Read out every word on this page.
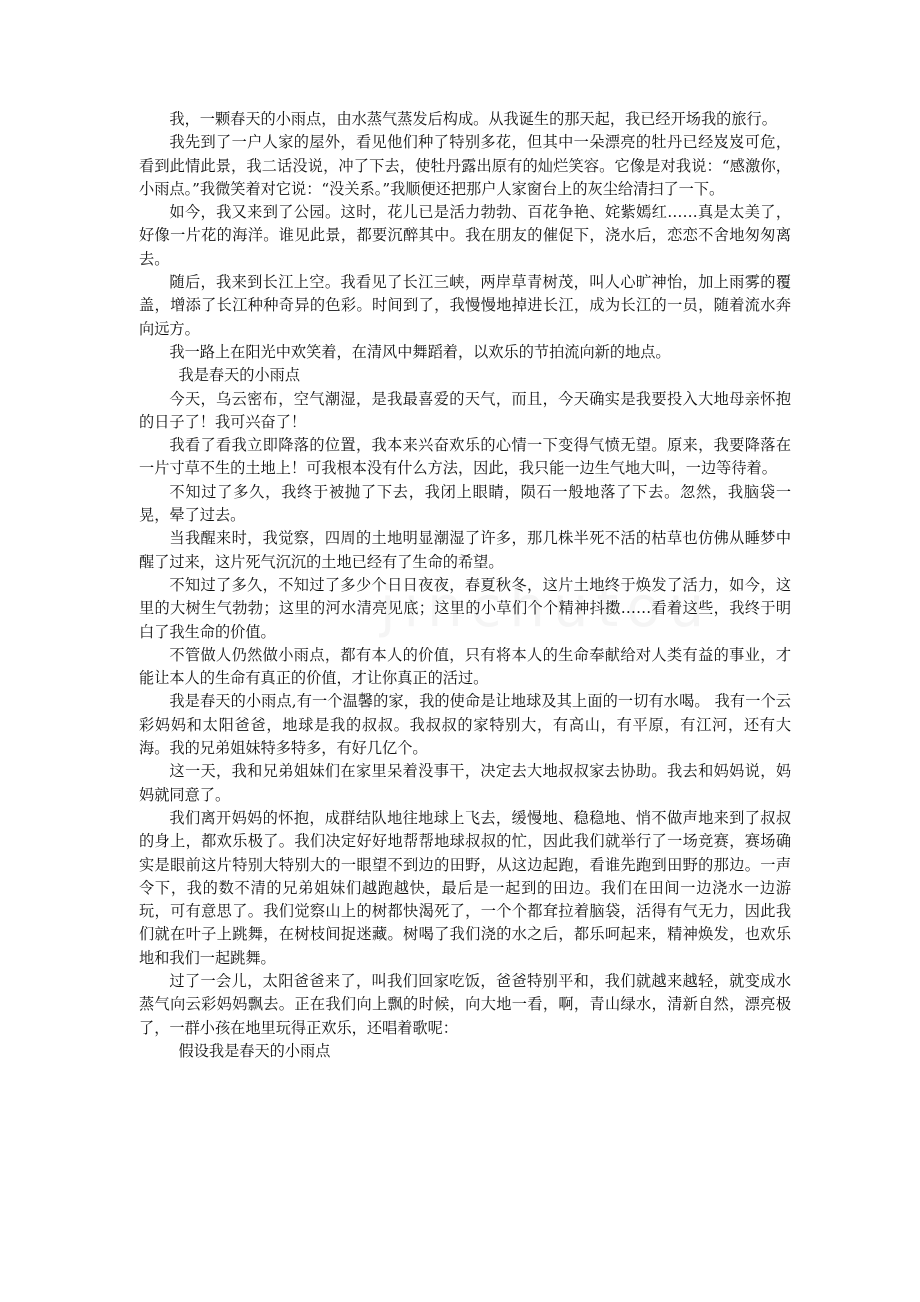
我，一颗春天的小雨点，由水蒸气蒸发后构成。从我诞生的那天起，我已经开场我的旅行。

我先到了一户人家的屋外，看见他们种了特别多花，但其中一朵漂亮的牡丹已经岌岌可危，看到此情此景，我二话没说，冲了下去，使牡丹露出原有的灿烂笑容。它像是对我说：“感激你，小雨点。”我微笑着对它说：“没关系。”我顺便还把那户人家窗台上的灰尘给清扫了一下。

如今，我又来到了公园。这时，花儿已是活力勃勃、百花争艳、姹紫嫣红……真是太美了，好像一片花的海洋。谁见此景，都要沉醉其中。我在朋友的催促下，浇水后，恋恋不舍地匆匆离去。

随后，我来到长江上空。我看见了长江三峡，两岸草青树茂，叫人心旷神怡，加上雨雾的覆盖，增添了长江种种奇异的色彩。时间到了，我慢慢地掉进长江，成为长江的一员，随着流水奔向远方。

我一路上在阳光中欢笑着，在清风中舞蹈着，以欢乐的节拍流向新的地点。

我是春天的小雨点

今天，乌云密布，空气潮湿，是我最喜爱的天气，而且，今天确实是我要投入大地母亲怀抱的日子了！我可兴奋了！

我看了看我立即降落的位置，我本来兴奋欢乐的心情一下变得气愤无望。原来，我要降落在一片寸草不生的土地上！可我根本没有什么方法，因此，我只能一边生气地大叫，一边等待着。

不知过了多久，我终于被抛了下去，我闭上眼睛，陨石一般地落了下去。忽然，我脑袋一晃，晕了过去。

当我醒来时，我觉察，四周的土地明显潮湿了许多，那几株半死不活的枯草也仿佛从睡梦中醒了过来，这片死气沉沉的土地已经有了生命的希望。

不知过了多久，不知过了多少个日日夜夜，春夏秋冬，这片土地终于焕发了活力，如今，这里的大树生气勃勃；这里的河水清亮见底；这里的小草们个个精神抖擞……看着这些，我终于明白了我生命的价值。

不管做人仍然做小雨点，都有本人的价值，只有将本人的生命奉献给对人类有益的事业，才能让本人的生命有真正的价值，才让你真正的活过。

我是春天的小雨点,有一个温馨的家，我的使命是让地球及其上面的一切有水喝。 我有一个云彩妈妈和太阳爸爸，地球是我的叔叔。我叔叔的家特别大，有高山，有平原，有江河，还有大海。我的兄弟姐妹特多特多，有好几亿个。

这一天，我和兄弟姐妹们在家里呆着没事干，决定去大地叔叔家去协助。我去和妈妈说，妈妈就同意了。

我们离开妈妈的怀抱，成群结队地往地球上飞去，缓慢地、稳稳地、悄不做声地来到了叔叔的身上，都欢乐极了。我们决定好好地帮帮地球叔叔的忙，因此我们就举行了一场竞赛，赛场确实是眼前这片特别大特别大的一眼望不到边的田野，从这边起跑，看谁先跑到田野的那边。一声令下，我的数不清的兄弟姐妹们越跑越快，最后是一起到的田边。我们在田间一边浇水一边游玩，可有意思了。我们觉察山上的树都快渴死了，一个个都耷拉着脑袋，活得有气无力，因此我们就在叶子上跳舞，在树枝间捉迷藏。树喝了我们浇的水之后，都乐呵起来，精神焕发，也欢乐地和我们一起跳舞。

过了一会儿，太阳爸爸来了，叫我们回家吃饭，爸爸特别平和，我们就越来越轻，就变成水蒸气向云彩妈妈飘去。正在我们向上飘的时候，向大地一看，啊，青山绿水，清新自然，漂亮极了，一群小孩在地里玩得正欢乐，还唱着歌呢：

假设我是春天的小雨点
